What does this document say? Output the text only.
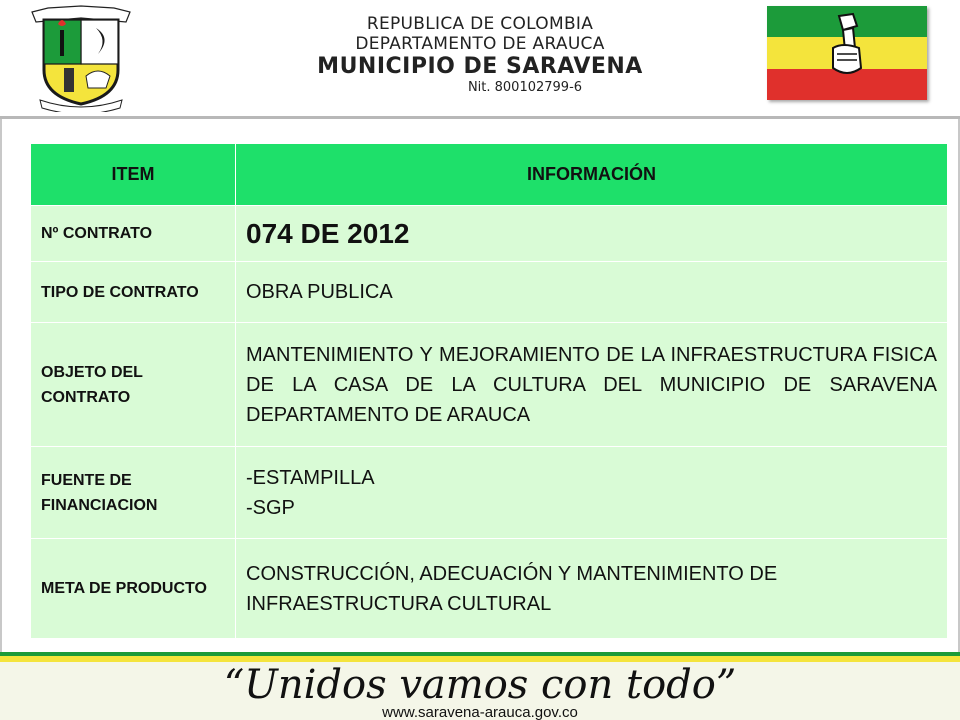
REPUBLICA DE COLOMBIA
DEPARTAMENTO DE ARAUCA
MUNICIPIO DE SARAVENA
Nit. 800102799-6
ITEM	INFORMACIÓN
Nº CONTRATO	074 DE 2012
TIPO DE CONTRATO	OBRA PUBLICA
OBJETO DEL CONTRATO	MANTENIMIENTO Y MEJORAMIENTO DE LA INFRAESTRUCTURA FISICA DE LA CASA DE LA CULTURA DEL MUNICIPIO DE SARAVENA DEPARTAMENTO DE ARAUCA
FUENTE DE FINANCIACION	-ESTAMPILLA
-SGP

META DE PRODUCTO	CONSTRUCCIÓN, ADECUACIÓN Y MANTENIMIENTO DE INFRAESTRUCTURA CULTURAL
“Unidos vamos con todo”
www.saravena-arauca.gov.co
